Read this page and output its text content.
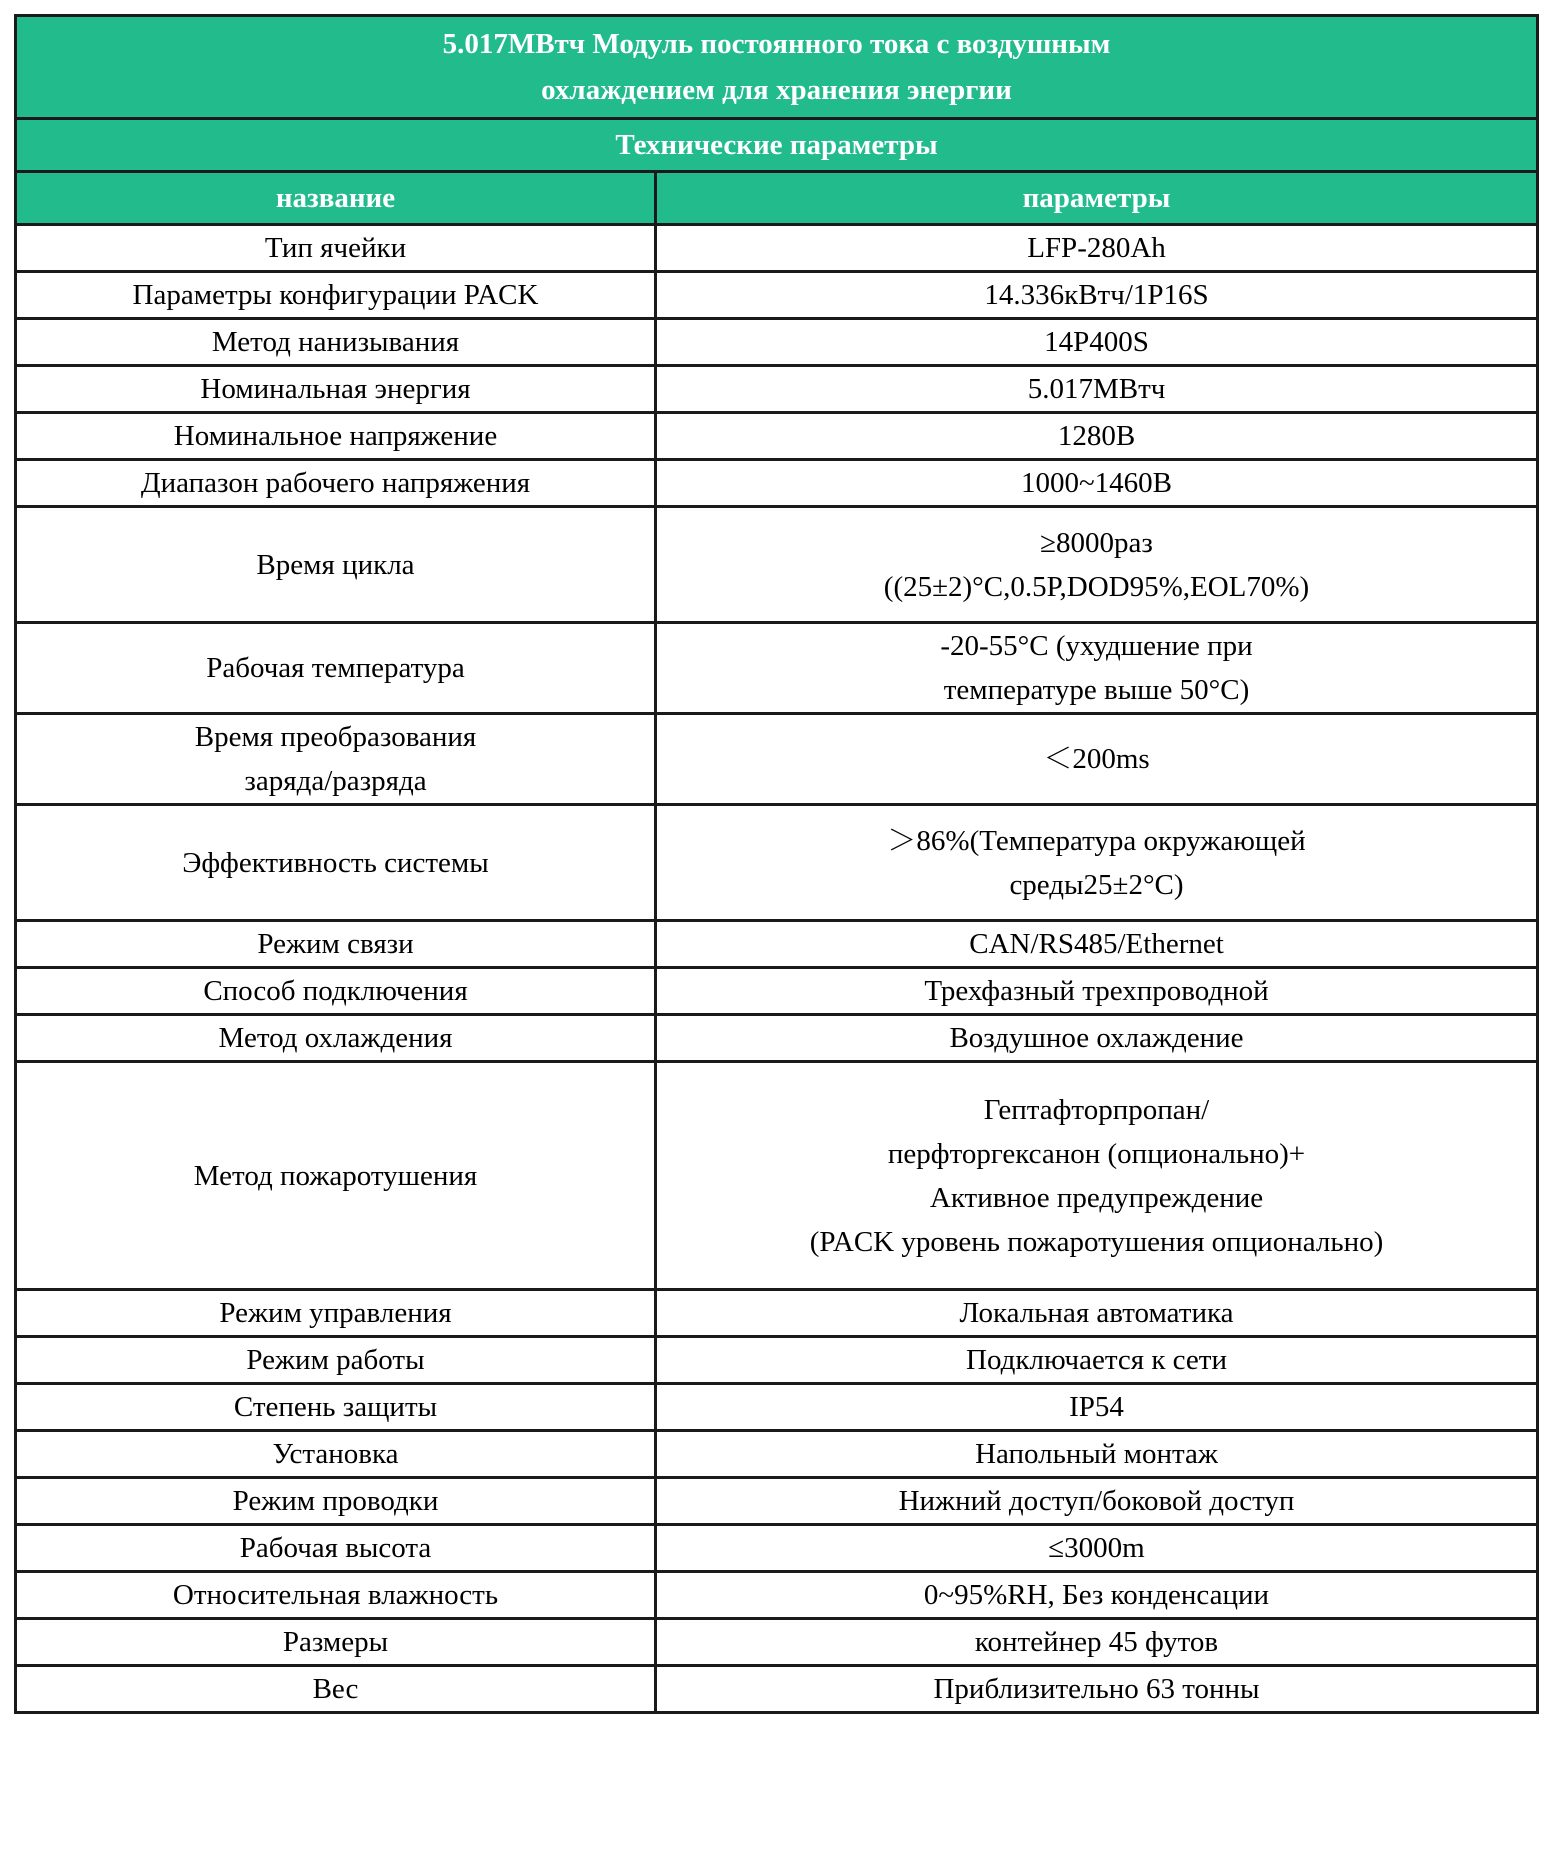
5.017МВтч Модуль постоянного тока с воздушным
охлаждением для хранения энергии	

Технические параметры	
название	параметры

Тип ячейки	LFP-280Ah

Параметры конфигурации PACK	14.336кВтч/1P16S

Метод нанизывания	14P400S

Номинальная энергия	5.017МВтч

Номинальное напряжение	1280В

Диапазон рабочего напряжения	1000~1460В

Время цикла	≥8000раз
((25±2)°C,0.5P,DOD95%,EOL70%)

Рабочая температура	-20-55°C (ухудшение при
температуре выше 50°C)

Время преобразования
заряда/разряда	＜200ms

Эффективность системы	＞86%(Температура окружающей
среды25±2°C)

Режим связи	CAN/RS485/Ethernet

Способ подключения	Трехфазный трехпроводной

Метод охлаждения	Воздушное охлаждение

Метод пожаротушения	Гептафторпропан/
перфторгексанон (опционально)+
Активное предупреждение
(PACK уровень пожаротушения опционально)

Режим управления	Локальная автоматика

Режим работы	Подключается к сети

Степень защиты	IP54

Установка	Напольный монтаж

Режим проводки	Нижний доступ/боковой доступ

Рабочая высота	≤3000m

Относительная влажность	0~95%RH, Без конденсации

Размеры	контейнер 45 футов

Вес	Приблизительно 63 тонны
